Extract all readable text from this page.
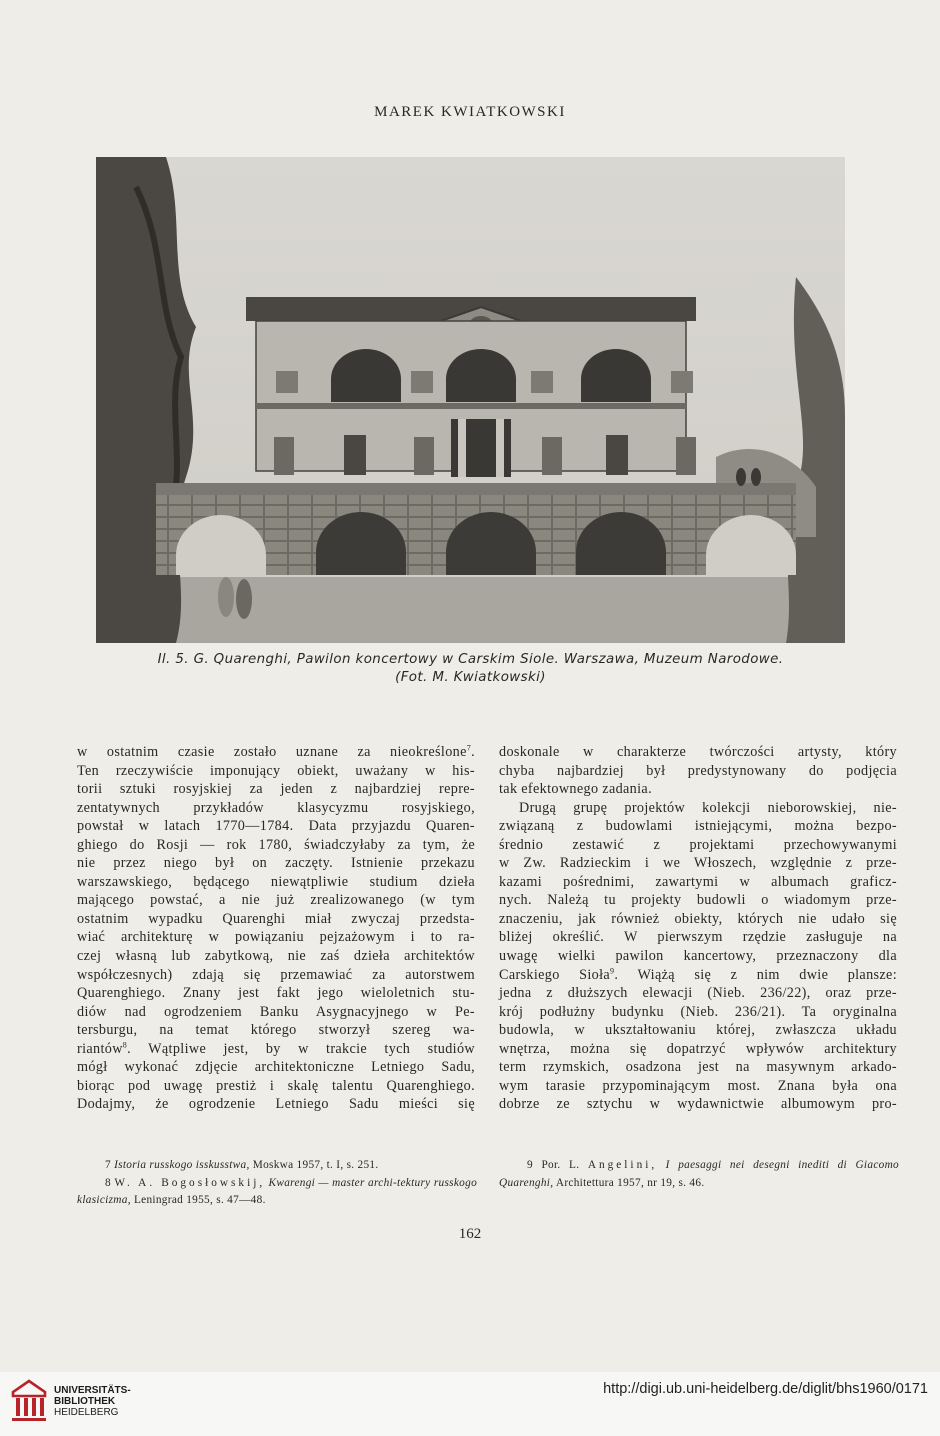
MAREK KWIATKOWSKI
Il. 5. G. Quarenghi, Pawilon koncertowy w Carskim Siole. Warszawa, Muzeum Narodowe.
(Fot. M. Kwiatkowski)

w ostatnim czasie zostało uznane za nieokreślone$^7$.
Ten rzeczywiście imponujący obiekt, uważany w his-
torii sztuki rosyjskiej za jeden z najbardziej repre-
zentatywnych przykładów klasycyzmu rosyjskiego,
powstał w latach 1770—1784. Data przyjazdu Quaren-
ghiego do Rosji — rok 1780, świadczyłaby za tym, że
nie przez niego był on zaczęty. Istnienie przekazu
warszawskiego, będącego niewątpliwie studium dzieła
mającego powstać, a nie już zrealizowanego (w tym
ostatnim wypadku Quarenghi miał zwyczaj przedsta-
wiać architekturę w powiązaniu pejzażowym i to ra-
czej własną lub zabytkową, nie zaś dzieła architektów
współczesnych) zdają się przemawiać za autorstwem
Quarenghiego. Znany jest fakt jego wieloletnich stu-
diów nad ogrodzeniem Banku Asygnacyjnego w Pe-
tersburgu, na temat którego stworzył szereg wa-
riantów$^8$. Wątpliwe jest, by w trakcie tych studiów
mógł wykonać zdjęcie architektoniczne Letniego Sadu,
biorąc pod uwagę prestiż i skalę talentu Quarenghiego.

Dodajmy, że ogrodzenie Letniego Sadu mieści się

doskonale w charakterze twórczości artysty, który
chyba najbardziej był predystynowany do podjęcia

tak efektownego zadania.

Drugą grupę projektów kolekcji nieborowskiej, nie-

związaną z budowlami istniejącymi, można bezpo-
średnio zestawić z projektami przechowywanymi
w Zw. Radzieckim i we Włoszech, względnie z prze-
kazami pośrednimi, zawartymi w albumach graficz-
nych. Należą tu projekty budowli o wiadomym prze-
znaczeniu, jak również obiekty, których nie udało się
bliżej określić. W pierwszym rzędzie zasługuje na
uwagę wielki pawilon kancertowy, przeznaczony dla
Carskiego Sioła$^9$. Wiążą się z nim dwie plansze:
jedna z dłuższych elewacji (Nieb. 236/22), oraz prze-
krój podłużny budynku (Nieb. 236/21). Ta oryginalna
budowla, w ukształtowaniu której, zwłaszcza układu
wnętrza, można się dopatrzyć wpływów architektury
term rzymskich, osadzona jest na masywnym arkado-
wym tarasie przypominającym most. Znana była ona

dobrze ze sztychu w wydawnictwie albumowym pro-

7 Istoria russkogo isskusstwa, Moskwa 1957, t. I, s. 251.
8 W. A. Bogosłowskij, Kwarengi — master archi-tektury russkogo klasicizma, Leningrad 1955, s. 47—48.
9 Por. L. Angelini, I paesaggi nei desegni inediti di Giacomo Quarenghi, Architettura 1957, nr 19, s. 46.
162
UNIVERSITÄTS-
BIBLIOTHEK
HEIDELBERG
http://digi.ub.uni-heidelberg.de/diglit/bhs1960/0171
